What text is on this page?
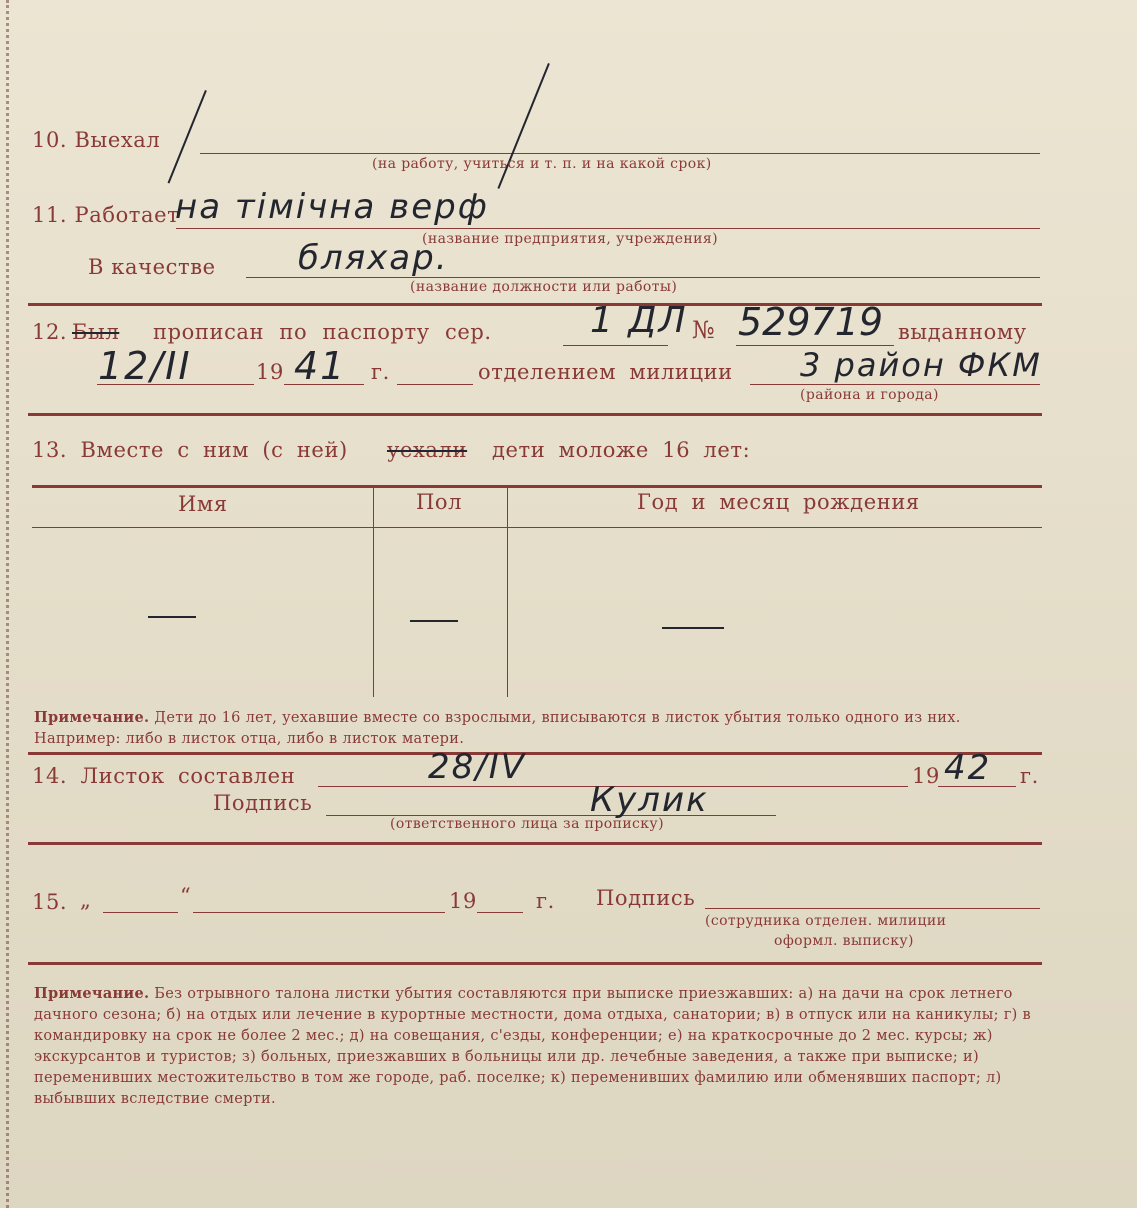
10. Выехал
(на работу, учиться и т. п. и на какой срок)
11. Работает
на тімічна верф
(название предприятия, учреждения)
В качестве бляхар.
(название должности или работы)
12. Был прописан по паспорту сер.	1 ДЛ № 529719 выданному
12/ІІ	19 41 г.	отделением милиции 3 район ФКМ
(района и города)
13. Вместе с ним (с ней) уехали дети моложе 16 лет:
Имя	Пол	Год и месяц рождения
Примечание. Дети до 16 лет, уехавшие вместе со взрослыми, вписываются в листок убытия только одного из них. Например: либо в листок отца, либо в листок матери.
14. Листок составлен	28/ІV	19 42 г.
Подпись	Кулик
(ответственного лица за прописку)
15. „	“	19	г. Подпись
(сотрудника отделен. милиции
оформл. выписку)
Примечание. Без отрывного талона листки убытия составляются при выписке приезжавших: а) на дачи на срок летнего дачного сезона; б) на отдых или лечение в курортные местности, дома отдыха, санатории; в) в отпуск или на каникулы; г) в командировку на срок не более 2 мес.; д) на совещания, с'езды, конференции; е) на краткосрочные до 2 мес. курсы; ж) экскурсантов и туристов; з) больных, приезжавших в больницы или др. лечебные заведения, а также при выписке; и) переменивших местожительство в том же городе, раб. поселке; к) переменивших фамилию или обменявших паспорт; л) выбывших вследствие смерти.
